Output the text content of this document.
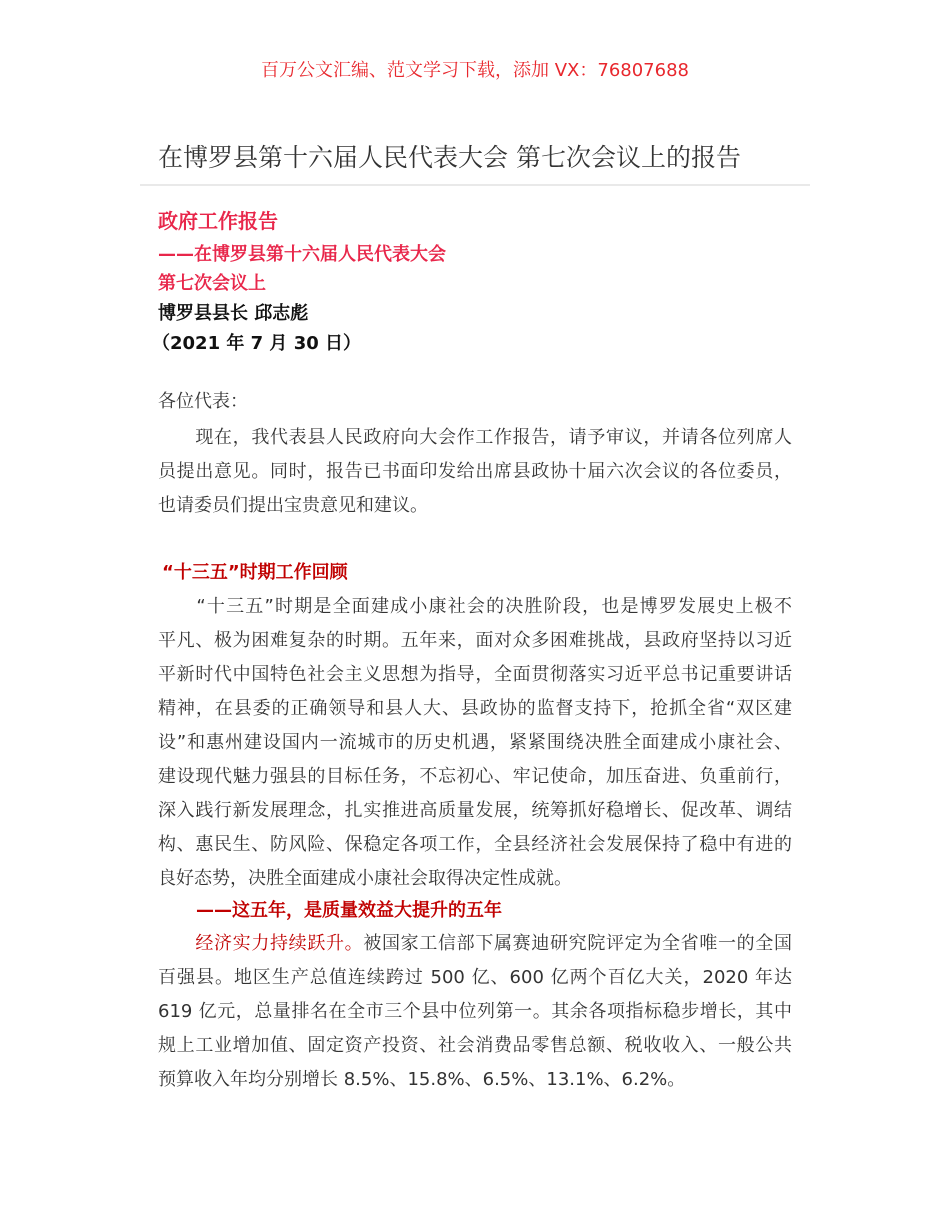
百万公文汇编、范文学习下载，添加 VX：76807688
在博罗县第十六届人民代表大会 第七次会议上的报告
政府工作报告
——在博罗县第十六届人民代表大会
第七次会议上
博罗县县长 邱志彪
（2021 年 7 月 30 日）
各位代表：
　　现在，我代表县人民政府向大会作工作报告，请予审议，并请各位列席人
员提出意见。同时，报告已书面印发给出席县政协十届六次会议的各位委员，
也请委员们提出宝贵意见和建议。
“十三五”时期工作回顾
　　“十三五”时期是全面建成小康社会的决胜阶段，也是博罗发展史上极不
平凡、极为困难复杂的时期。五年来，面对众多困难挑战，县政府坚持以习近
平新时代中国特色社会主义思想为指导，全面贯彻落实习近平总书记重要讲话
精神，在县委的正确领导和县人大、县政协的监督支持下，抢抓全省“双区建
设”和惠州建设国内一流城市的历史机遇，紧紧围绕决胜全面建成小康社会、
建设现代魅力强县的目标任务，不忘初心、牢记使命，加压奋进、负重前行，
深入践行新发展理念，扎实推进高质量发展，统筹抓好稳增长、促改革、调结
构、惠民生、防风险、保稳定各项工作，全县经济社会发展保持了稳中有进的
良好态势，决胜全面建成小康社会取得决定性成就。
——这五年，是质量效益大提升的五年
　　经济实力持续跃升。被国家工信部下属赛迪研究院评定为全省唯一的全国
百强县。地区生产总值连续跨过 500 亿、600 亿两个百亿大关，2020 年达
619 亿元，总量排名在全市三个县中位列第一。其余各项指标稳步增长，其中
规上工业增加值、固定资产投资、社会消费品零售总额、税收收入、一般公共
预算收入年均分别增长 8.5%、15.8%、6.5%、13.1%、6.2%。
